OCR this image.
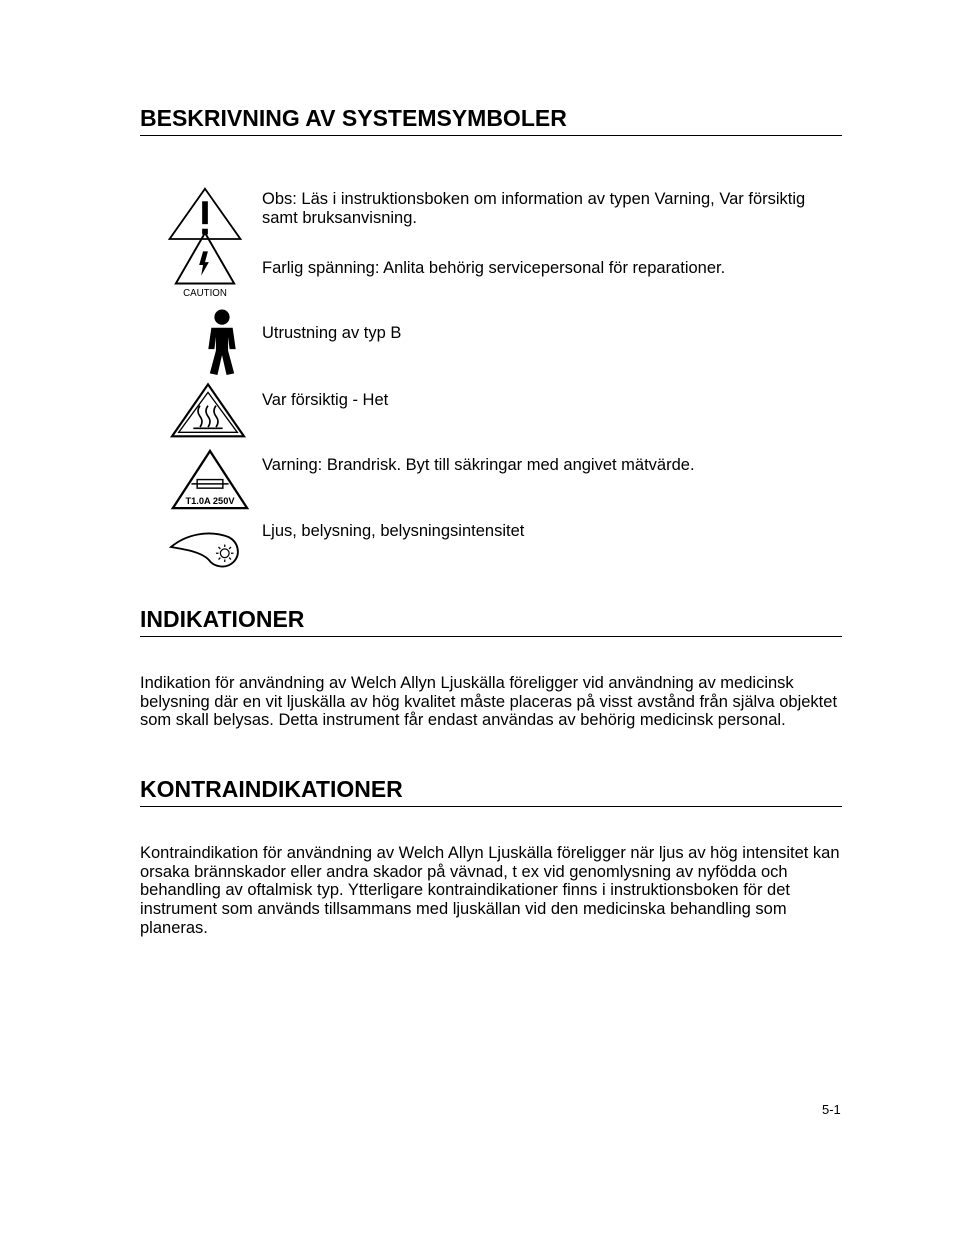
BESKRIVNING AV SYSTEMSYMBOLER
Obs: Läs i instruktionsboken om information av typen Varning, Var försiktig samt bruksanvisning.
CAUTION
Farlig spänning: Anlita behörig servicepersonal för reparationer.
Utrustning av typ B
Var försiktig - Het
T1.0A 250V
Varning: Brandrisk. Byt till säkringar med angivet mätvärde.
Ljus, belysning, belysningsintensitet
INDIKATIONER

Indikation för användning av Welch Allyn Ljuskälla föreligger vid användning av medicinsk belysning där en vit ljuskälla av hög kvalitet måste placeras på visst avstånd från själva objektet som skall belysas. Detta instrument får endast användas av behörig medicinsk personal.

KONTRAINDIKATIONER

Kontraindikation för användning av Welch Allyn Ljuskälla föreligger när ljus av hög intensitet kan orsaka brännskador eller andra skador på vävnad, t ex vid genomlysning av nyfödda och behandling av oftalmisk typ. Ytterligare kontraindikationer finns i instruktionsboken för det instrument som används tillsammans med ljuskällan vid den medicinska behandling som planeras.

5-1
